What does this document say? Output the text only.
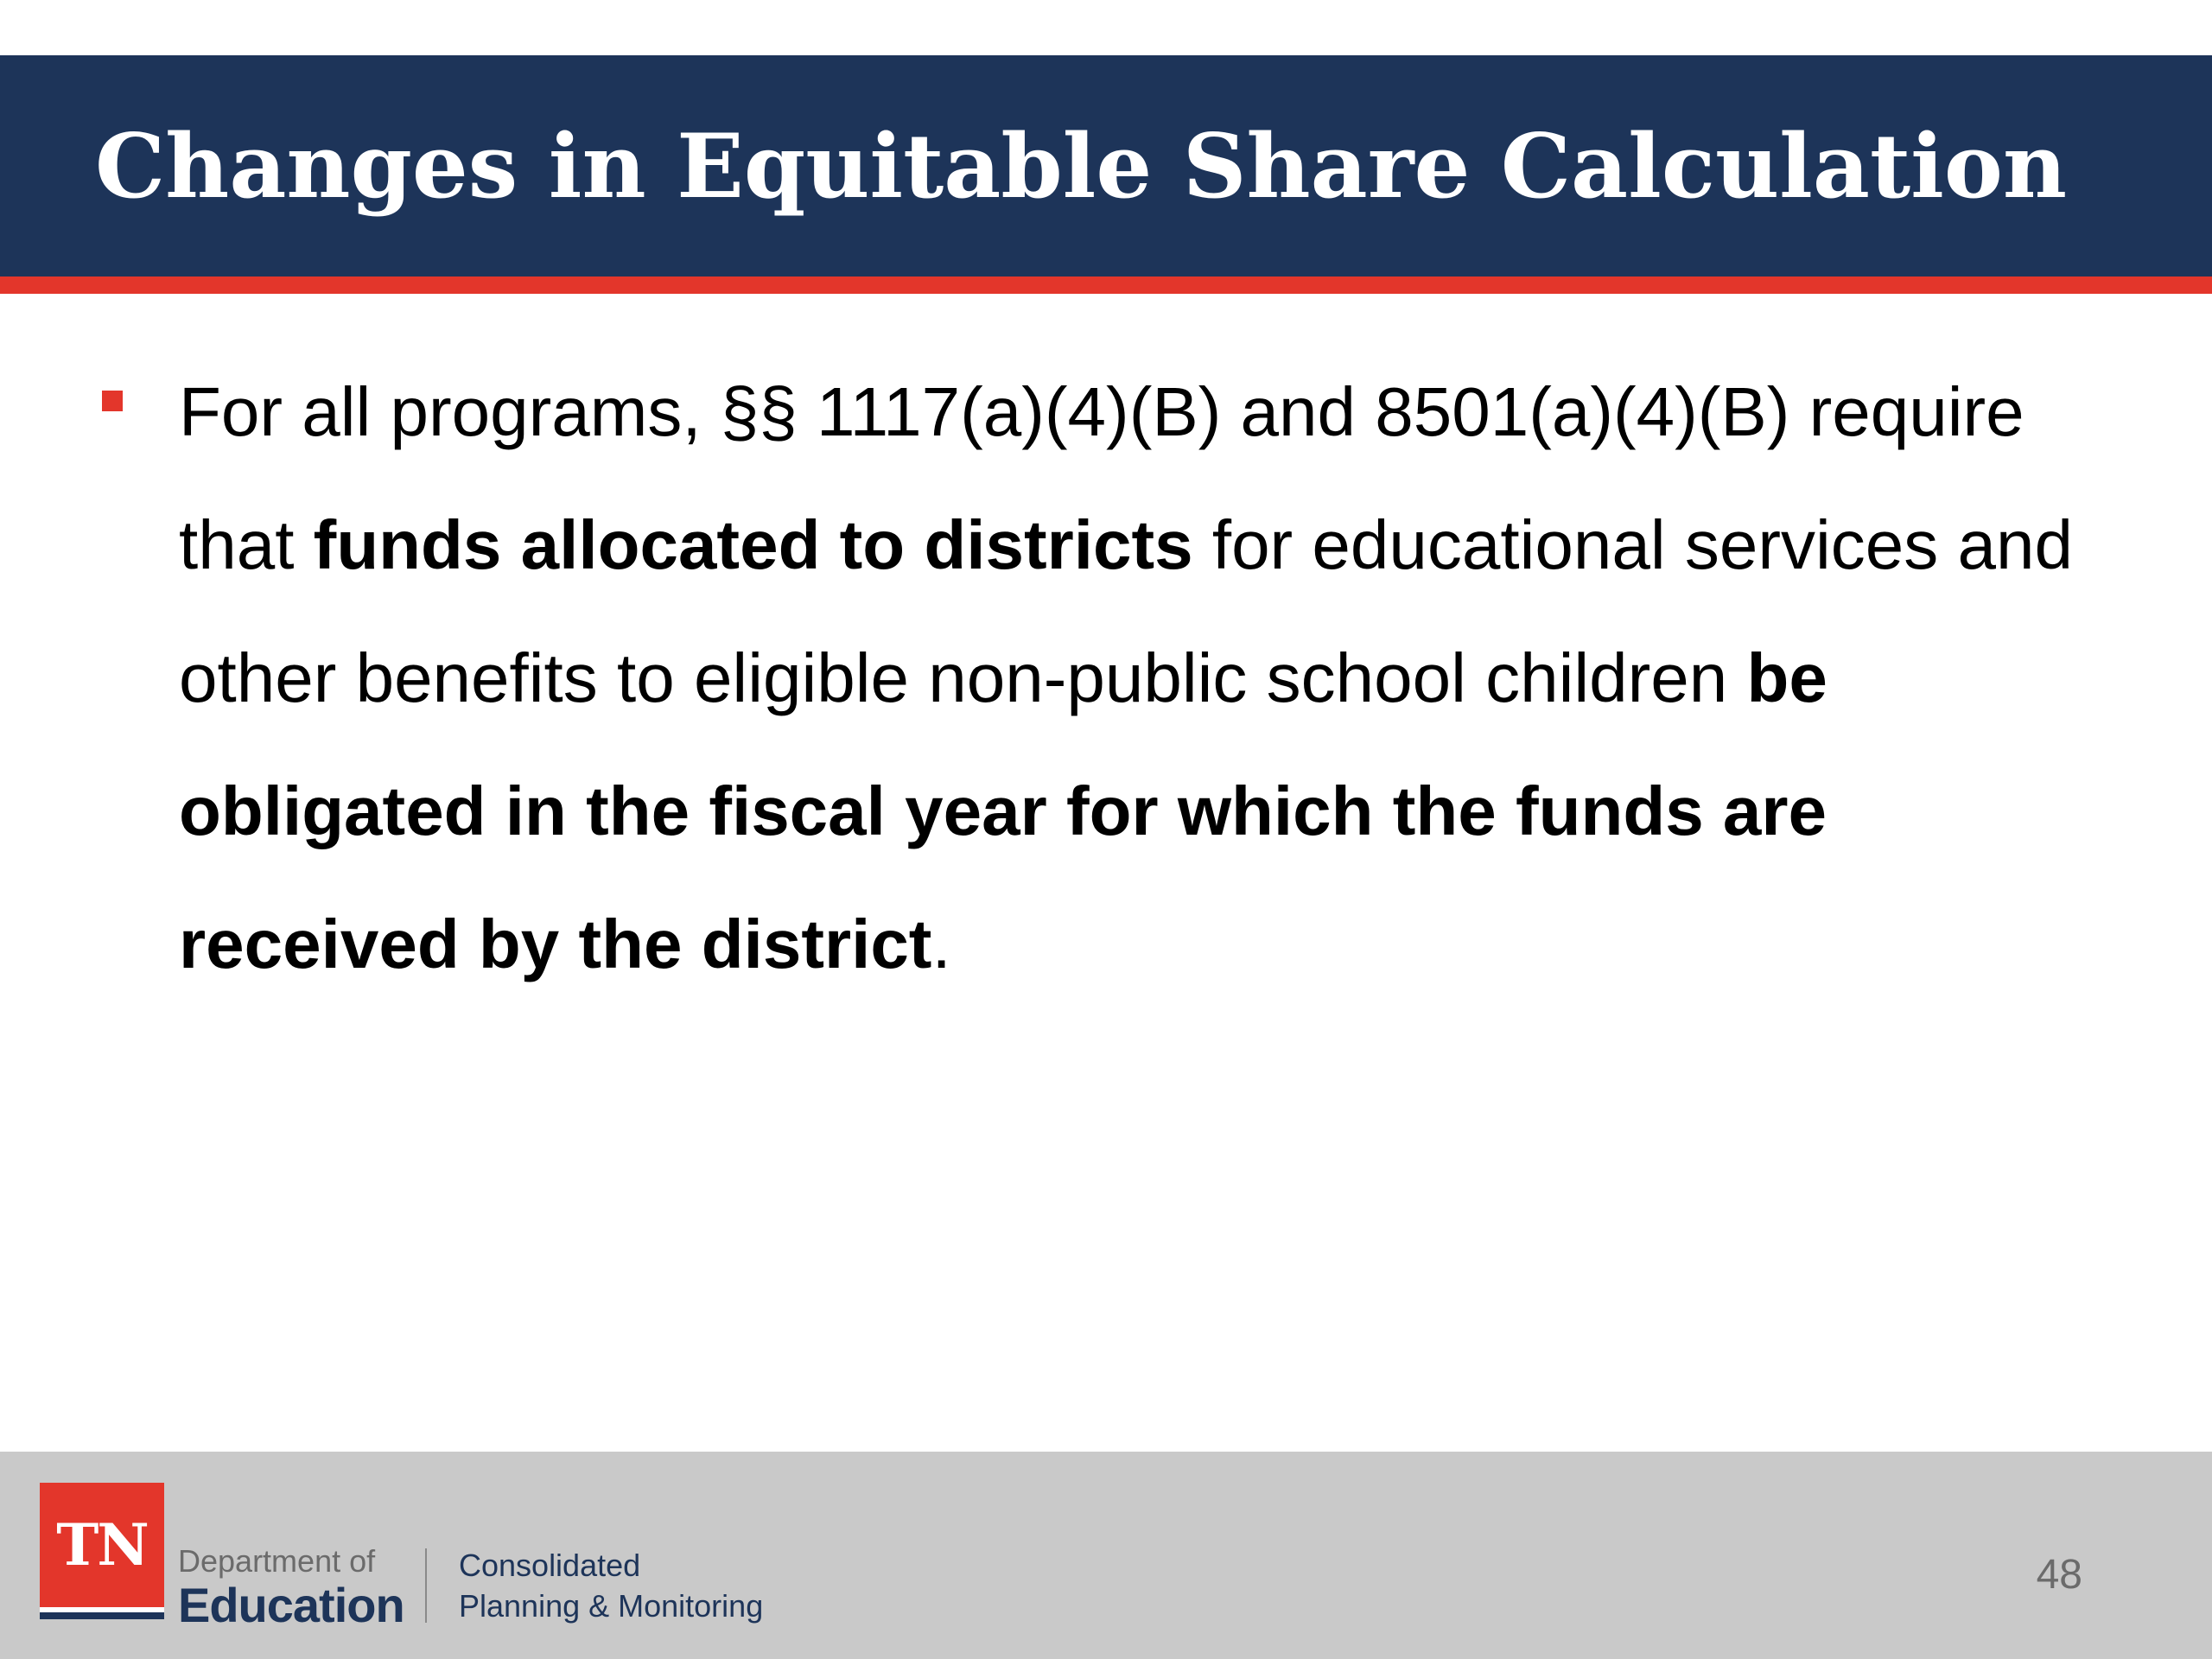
Changes in Equitable Share Calculation

For all programs, §§ 1117(a)(4)(B) and 8501(a)(4)(B) require that funds allocated to districts for educational services and other benefits to eligible non-public school children be obligated in the fiscal year for which the funds are received by the district.

TN Department of

Education

Consolidated

Planning & Monitoring

48
